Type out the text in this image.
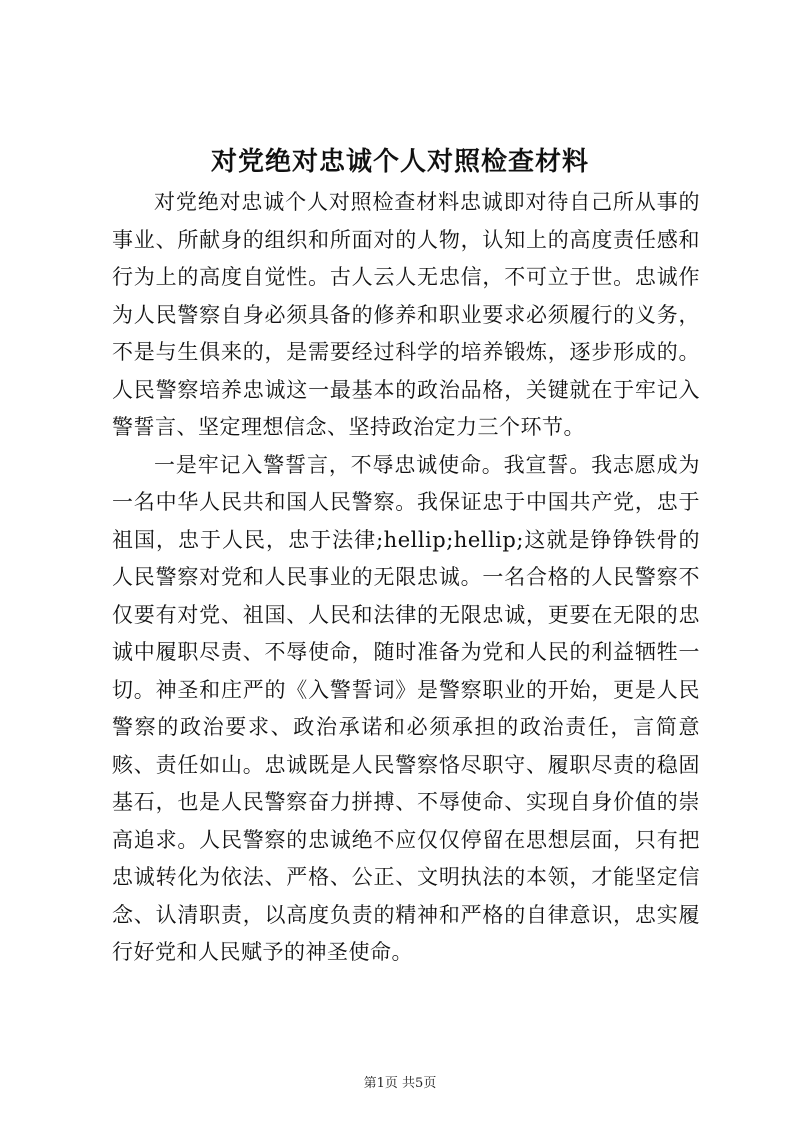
对党绝对忠诚个人对照检查材料

对党绝对忠诚个人对照检查材料忠诚即对待自己所从事的事业、所献身的组织和所面对的人物，认知上的高度责任感和行为上的高度自觉性。古人云人无忠信，不可立于世。忠诚作为人民警察自身必须具备的修养和职业要求必须履行的义务，不是与生俱来的，是需要经过科学的培养锻炼，逐步形成的。人民警察培养忠诚这一最基本的政治品格，关键就在于牢记入警誓言、坚定理想信念、坚持政治定力三个环节。

一是牢记入警誓言，不辱忠诚使命。我宣誓。我志愿成为一名中华人民共和国人民警察。我保证忠于中国共产党，忠于祖国，忠于人民，忠于法律;hellip;hellip;这就是铮铮铁骨的人民警察对党和人民事业的无限忠诚。一名合格的人民警察不仅要有对党、祖国、人民和法律的无限忠诚，更要在无限的忠诚中履职尽责、不辱使命，随时准备为党和人民的利益牺牲一切。神圣和庄严的《入警誓词》是警察职业的开始，更是人民警察的政治要求、政治承诺和必须承担的政治责任，言简意赅、责任如山。忠诚既是人民警察恪尽职守、履职尽责的稳固基石，也是人民警察奋力拼搏、不辱使命、实现自身价值的崇高追求。人民警察的忠诚绝不应仅仅停留在思想层面，只有把忠诚转化为依法、严格、公正、文明执法的本领，才能坚定信念、认清职责，以高度负责的精神和严格的自律意识，忠实履行好党和人民赋予的神圣使命。

第1页 共5页
